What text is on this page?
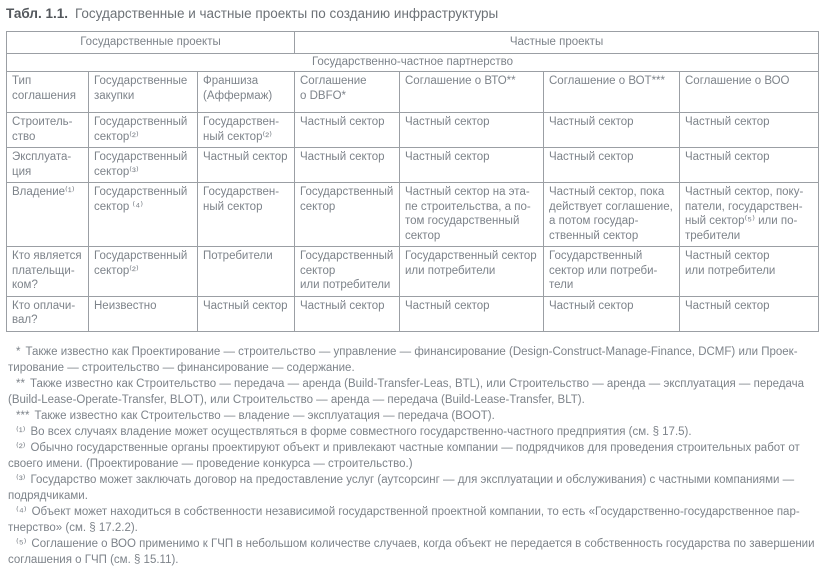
Табл. 1.1. Государственные и частные проекты по созданию инфраструктуры

Государственные проекты			Частные проекты			
Государственно-частное партнерство						
Тип соглашения	Государственные закупки	Франшиза (Аффермаж)	Соглашение о DBFO*	Соглашение о ВТО**	Соглашение о ВОТ***	Соглашение о ВОО
Строительство	Государственный сектор⁽²⁾	Государственный сектор⁽²⁾	Частный сектор	Частный сектор	Частный сектор	Частный сектор
Эксплуатация	Государственный сектор⁽³⁾	Частный сектор	Частный сектор	Частный сектор	Частный сектор	Частный сектор
Владение⁽¹⁾	Государственный сектор ⁽⁴⁾	Государственный сектор	Государственный сектор	Частный сектор на этапе строительства, а потом государственный сектор	Частный сектор, пока действует соглашение, а потом государственный сектор	Частный сектор, покупатели, государственный сектор⁽⁵⁾ или потребители
Кто является плательщиком?	Государственный сектор⁽²⁾	Потребители	Государственный сектор или потребители	Государственный сектор или потребители	Государственный сектор или потребители	Частный сектор или потребители
Кто оплачивал?	Неизвестно	Частный сектор	Частный сектор	Частный сектор	Частный сектор	Частный сектор

* Также известно как Проектирование — строительство — управление — финансирование (Design-Construct-Manage-Finance, DCMF) или Проектирование — строительство — финансирование — содержание.

** Также известно как Строительство — передача — аренда (Build-Transfer-Leas, BTL), или Строительство — аренда — эксплуатация — передача (Build-Lease-Operate-Transfer, BLOT), или Строительство — аренда — передача (Build-Lease-Transfer, BLT).

*** Также известно как Строительство — владение — эксплуатация — передача (BOOT).

⁽¹⁾ Во всех случаях владение может осуществляться в форме совместного государственно-частного предприятия (см. § 17.5).

⁽²⁾ Обычно государственные органы проектируют объект и привлекают частные компании — подрядчиков для проведения строительных работ от своего имени. (Проектирование — проведение конкурса — строительство.)

⁽³⁾ Государство может заключать договор на предоставление услуг (аутсорсинг — для эксплуатации и обслуживания) с частными компаниями — подрядчиками.

⁽⁴⁾ Объект может находиться в собственности независимой государственной проектной компании, то есть «Государственно-государственное партнерство» (см. § 17.2.2).

⁽⁵⁾ Соглашение о ВОО применимо к ГЧП в небольшом количестве случаев, когда объект не передается в собственность государства по завершении соглашения о ГЧП (см. § 15.11).
